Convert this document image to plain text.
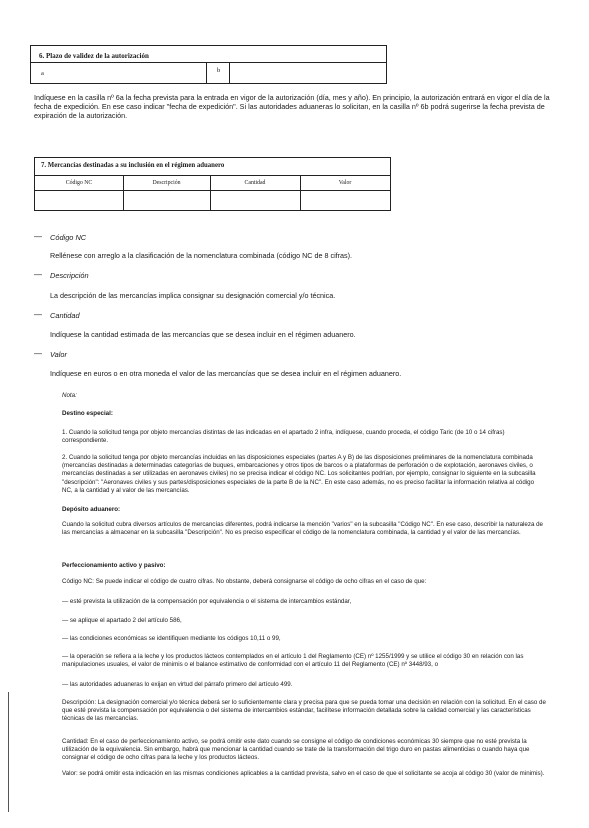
6. Plazo de validez de la autorización
a	b
Indíquese en la casilla nº 6a la fecha prevista para la entrada en vigor de la autorización (día, mes y año). En principio, la autorización entrará en vigor el día de la fecha de expedición. En ese caso indicar "fecha de expedición". Si las autoridades aduaneras lo solicitan, en la casilla nº 6b podrá sugerirse la fecha prevista de expiración de la autorización.
7. Mercancías destinadas a su inclusión en el régimen aduanero
Código NC	Descripción	Cantidad	Valor
— Código NC
Rellénese con arreglo a la clasificación de la nomenclatura combinada (código NC de 8 cifras).
— Descripción
La descripción de las mercancías implica consignar su designación comercial y/o técnica.
— Cantidad
Indíquese la cantidad estimada de las mercancías que se desea incluir en el régimen aduanero.
— Valor
Indíquese en euros o en otra moneda el valor de las mercancías que se desea incluir en el régimen aduanero.
Nota:
Destino especial:
1. Cuando la solicitud tenga por objeto mercancías distintas de las indicadas en el apartado 2 infra, indíquese, cuando proceda, el código Taric (de 10 o 14 cifras) correspondiente.
2. Cuando la solicitud tenga por objeto mercancías incluidas en las disposiciones especiales (partes A y B) de las disposiciones preliminares de la nomenclatura combinada (mercancías destinadas a determinadas categorías de buques, embarcaciones y otros tipos de barcos o a plataformas de perforación o de explotación, aeronaves civiles, o mercancías destinadas a ser utilizadas en aeronaves civiles) no se precisa indicar el código NC. Los solicitantes podrían, por ejemplo, consignar lo siguiente en la subcasilla "descripción": "Aeronaves civiles y sus partes/disposiciones especiales de la parte B de la NC". En este caso además, no es preciso facilitar la información relativa al código NC, a la cantidad y al valor de las mercancías.
Depósito aduanero:
Cuando la solicitud cubra diversos artículos de mercancías diferentes, podrá indicarse la mención "varios" en la subcasilla "Código NC". En ese caso, describir la naturaleza de las mercancías a almacenar en la subcasilla "Descripción". No es preciso especificar el código de la nomenclatura combinada, la cantidad y el valor de las mercancías.
Perfeccionamiento activo y pasivo:
Código NC: Se puede indicar el código de cuatro cifras. No obstante, deberá consignarse el código de ocho cifras en el caso de que:
— esté prevista la utilización de la compensación por equivalencia o el sistema de intercambios estándar,
— se aplique el apartado 2 del artículo 586,
— las condiciones económicas se identifiquen mediante los códigos 10,11 o 99,
— la operación se refiera a la leche y los productos lácteos contemplados en el artículo 1 del Reglamento (CE) nº 1255/1999 y se utilice el código 30 en relación con las manipulaciones usuales, el valor de minimis o el balance estimativo de conformidad con el artículo 11 del Reglamento (CE) nº 3448/93, o
— las autoridades aduaneras lo exijan en virtud del párrafo primero del artículo 499.
Descripción: La designación comercial y/o técnica deberá ser lo suficientemente clara y precisa para que se pueda tomar una decisión en relación con la solicitud. En el caso de que esté prevista la compensación por equivalencia o del sistema de intercambios estándar, facilítese información detallada sobre la calidad comercial y las características técnicas de las mercancías.
Cantidad: En el caso de perfeccionamiento activo, se podrá omitir este dato cuando se consigne el código de condiciones económicas 30 siempre que no esté prevista la utilización de la equivalencia. Sin embargo, habrá que mencionar la cantidad cuando se trate de la transformación del trigo duro en pastas alimenticias o cuando haya que consignar el código de ocho cifras para la leche y los productos lácteos.
Valor: se podrá omitir esta indicación en las mismas condiciones aplicables a la cantidad prevista, salvo en el caso de que el solicitante se acoja al código 30 (valor de minimis).
